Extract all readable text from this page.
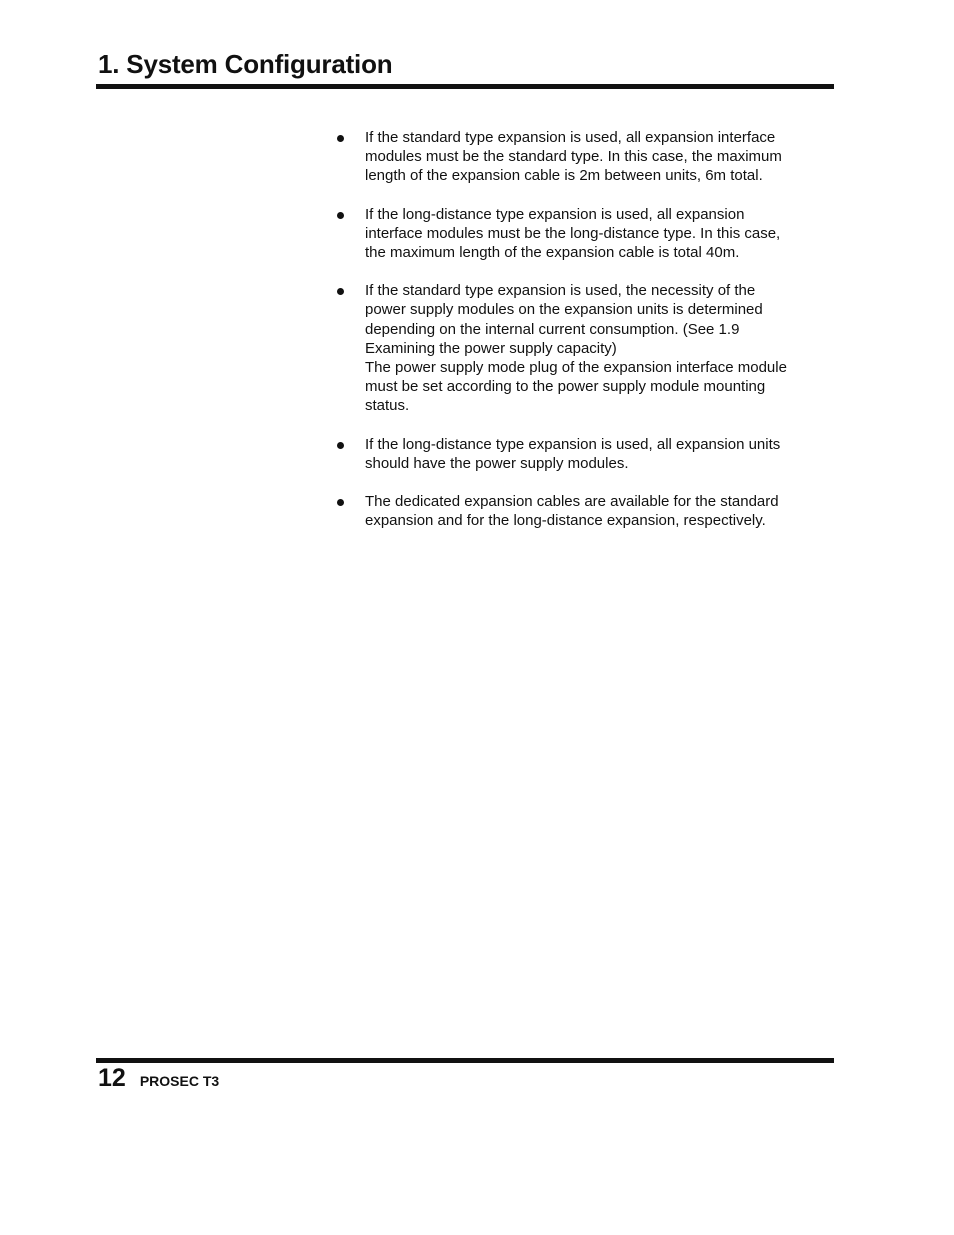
1. System Configuration
If the standard type expansion is used, all expansion interface
modules must be the standard type. In this case, the maximum
length of the expansion cable is 2m between units, 6m total.
If the long-distance type expansion is used, all expansion
interface modules must be the long-distance type. In this case,
the maximum length of the expansion cable is total 40m.
If the standard type expansion is used, the necessity of the
power supply modules on the expansion units is determined
depending on the internal current consumption. (See 1.9
Examining the power supply capacity)
The power supply mode plug of the expansion interface module
must be set according to the power supply module mounting
status.
If the long-distance type expansion is used, all expansion units
should have the power supply modules.
The dedicated expansion cables are available for the standard
expansion and for the long-distance expansion, respectively.
12 PROSEC T3
